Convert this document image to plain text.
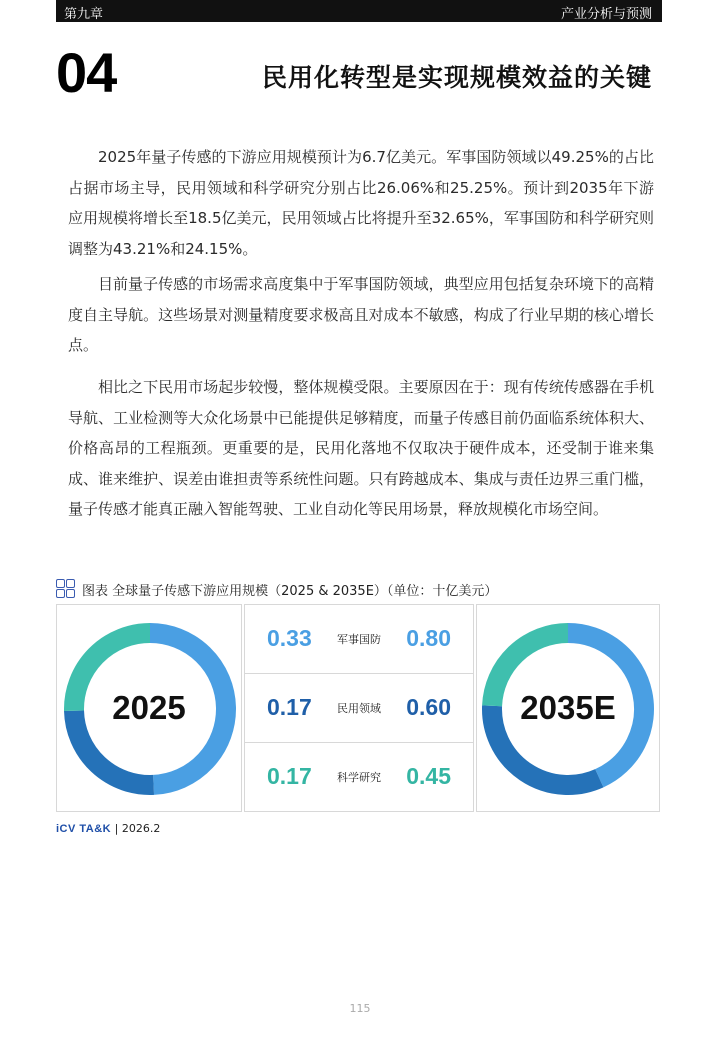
第九章	产业分析与预测
04	民用化转型是实现规模效益的关键

2025年量子传感的下游应用规模预计为6.7亿美元。军事国防领域以49.25%的占比占据市场主导，民用领域和科学研究分别占比26.06%和25.25%。预计到2035年下游应用规模将增长至18.5亿美元，民用领域占比将提升至32.65%，军事国防和科学研究则调整为43.21%和24.15%。

目前量子传感的市场需求高度集中于军事国防领域，典型应用包括复杂环境下的高精度自主导航。这些场景对测量精度要求极高且对成本不敏感，构成了行业早期的核心增长点。

相比之下民用市场起步较慢，整体规模受限。主要原因在于：现有传统传感器在手机导航、工业检测等大众化场景中已能提供足够精度，而量子传感目前仍面临系统体积大、价格高昂的工程瓶颈。更重要的是，民用化落地不仅取决于硬件成本，还受制于谁来集成、谁来维护、误差由谁担责等系统性问题。只有跨越成本、集成与责任边界三重门槛，量子传感才能真正融入智能驾驶、工业自动化等民用场景，释放规模化市场空间。

图表 全球量子传感下游应用规模（2025 & 2035E）（单位：十亿美元）
2025
0.33	军事国防	0.80
0.17	民用领域	0.60
0.17	科学研究	0.45
2035E
iCV TA&K | 2026.2
115
